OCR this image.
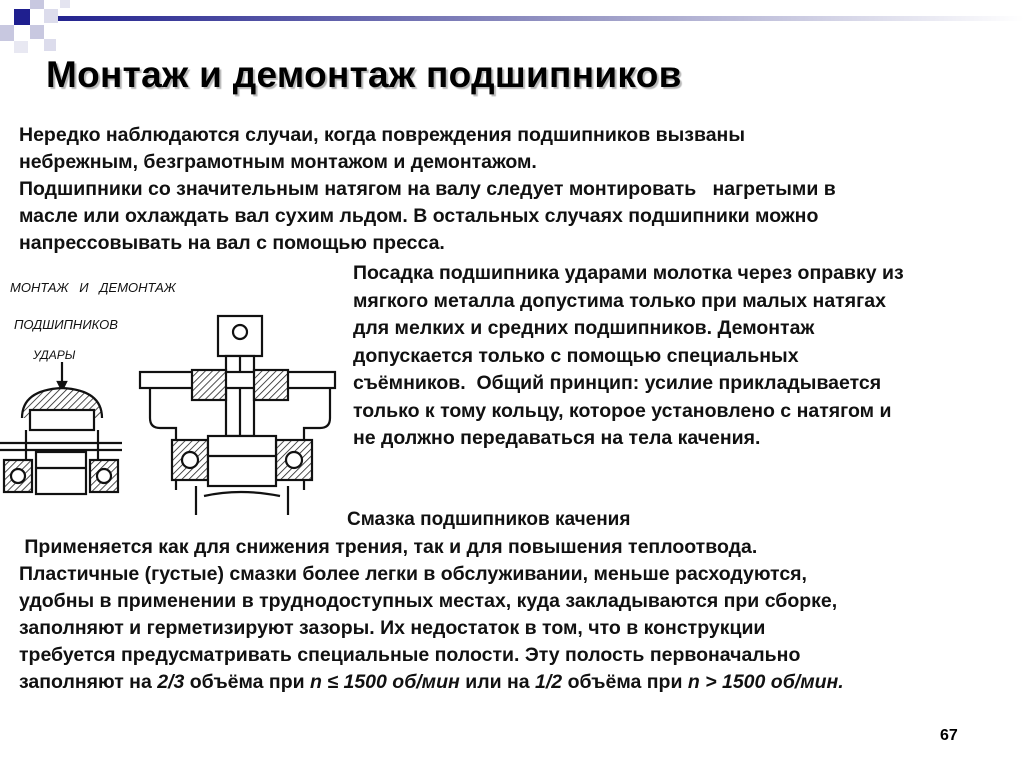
Монтаж и демонтаж подшипников
Нередко наблюдаются случаи, когда повреждения подшипников вызваны
небрежным, безграмотным монтажом и демонтажом.
Подшипники со значительным натягом на валу следует монтировать   нагретыми в
масле или охлаждать вал сухим льдом. В остальных случаях подшипники можно
напрессовывать на вал с помощью пресса.
МОНТАЖ   И   ДЕМОНТАЖ
ПОДШИПНИКОВ
УДАРЫ
Посадка подшипника ударами молотка через оправку из
мягкого металла допустима только при малых натягах
для мелких и средних подшипников. Демонтаж
допускается только с помощью специальных
съёмников.  Общий принцип: усилие прикладывается
только к тому кольцу, которое установлено с натягом и
не должно передаваться на тела качения.
Смазка подшипников качения
Применяется как для снижения трения, так и для повышения теплоотвода.
Пластичные (густые) смазки более легки в обслуживании, меньше расходуются,
удобны в применении в труднодоступных местах, куда закладываются при сборке,
заполняют и герметизируют зазоры. Их недостаток в том, что в конструкции
требуется предусматривать специальные полости. Эту полость первоначально
заполняют на 2/3 объёма при n ≤ 1500 об/мин или на 1/2 объёма при n > 1500 об/мин.
67
